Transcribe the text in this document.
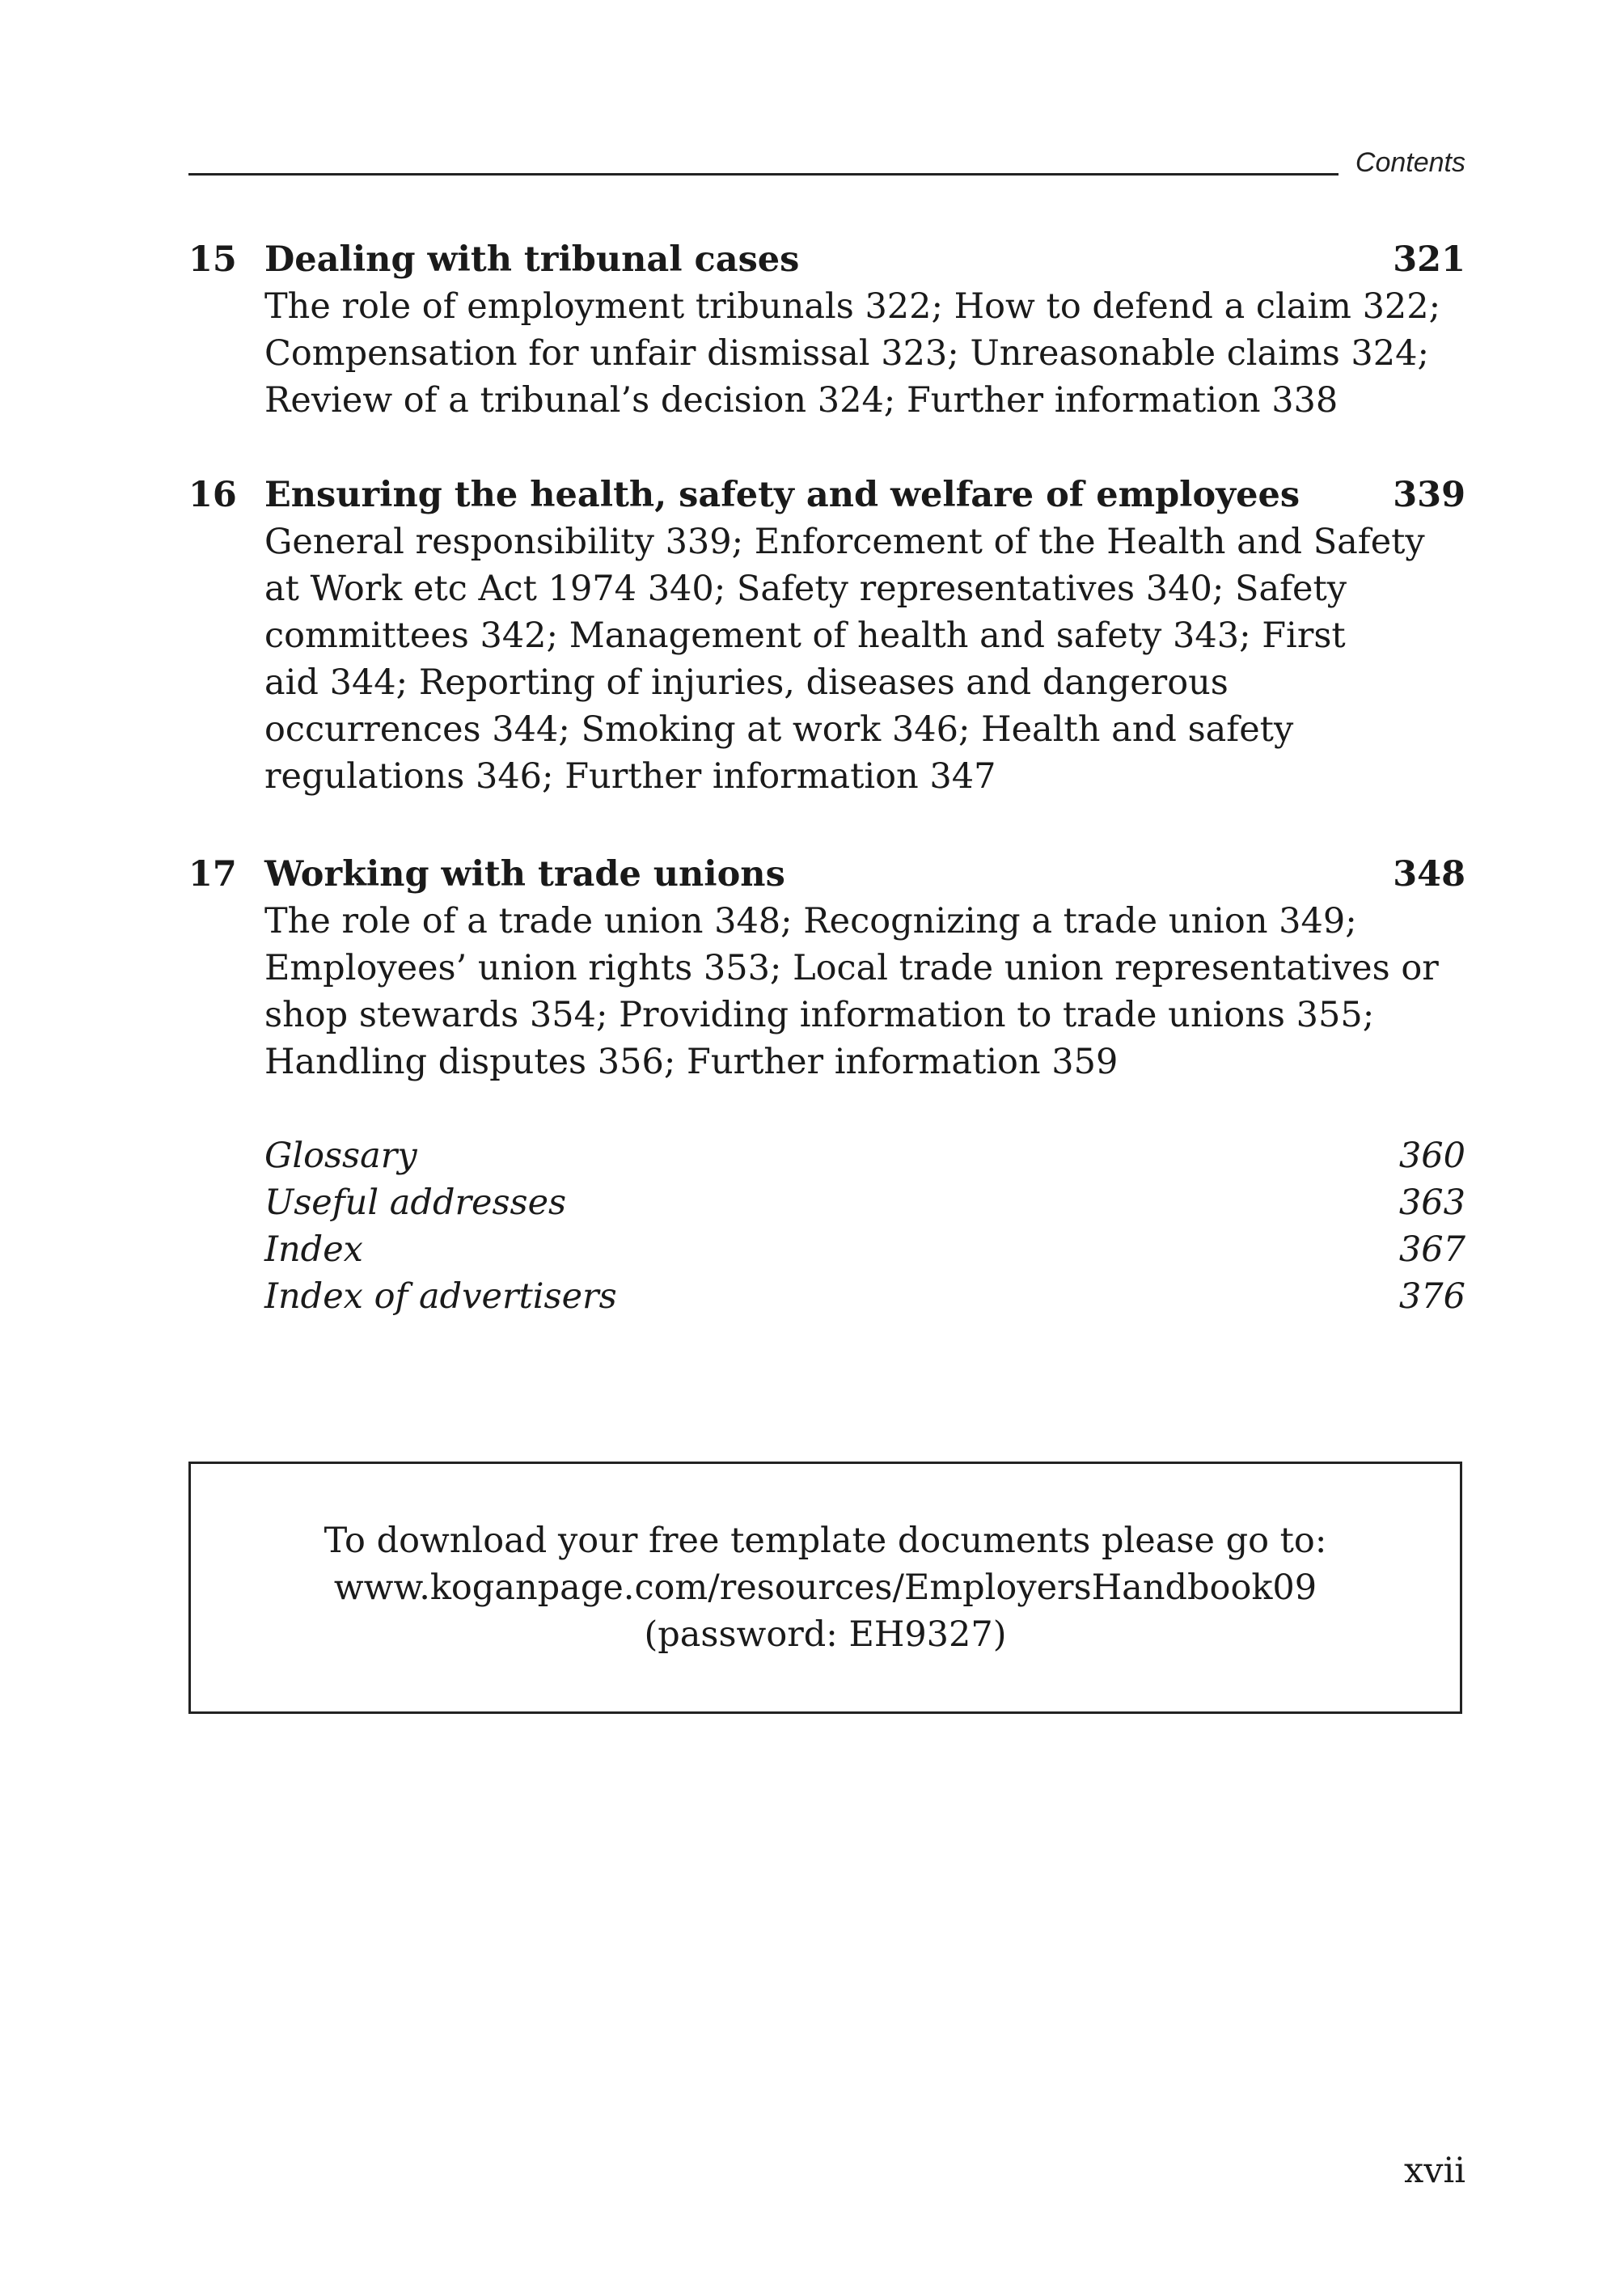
Contents
15 Dealing with tribunal cases	321
The role of employment tribunals 322; How to defend a claim 322;
Compensation for unfair dismissal 323; Unreasonable claims 324;
Review of a tribunal’s decision 324; Further information 338
16 Ensuring the health, safety and welfare of employees	339
General responsibility 339; Enforcement of the Health and Safety
at Work etc Act 1974 340; Safety representatives 340; Safety
committees 342; Management of health and safety 343; First
aid 344; Reporting of injuries, diseases and dangerous
occurrences 344; Smoking at work 346; Health and safety
regulations 346; Further information 347
17 Working with trade unions	348
The role of a trade union 348; Recognizing a trade union 349;
Employees’ union rights 353; Local trade union representatives or
shop stewards 354; Providing information to trade unions 355;
Handling disputes 356; Further information 359
Glossary	360
Useful addresses	363
Index	367
Index of advertisers	376
To download your free template documents please go to:
www.koganpage.com/resources/EmployersHandbook09
(password: EH9327)
xvii
